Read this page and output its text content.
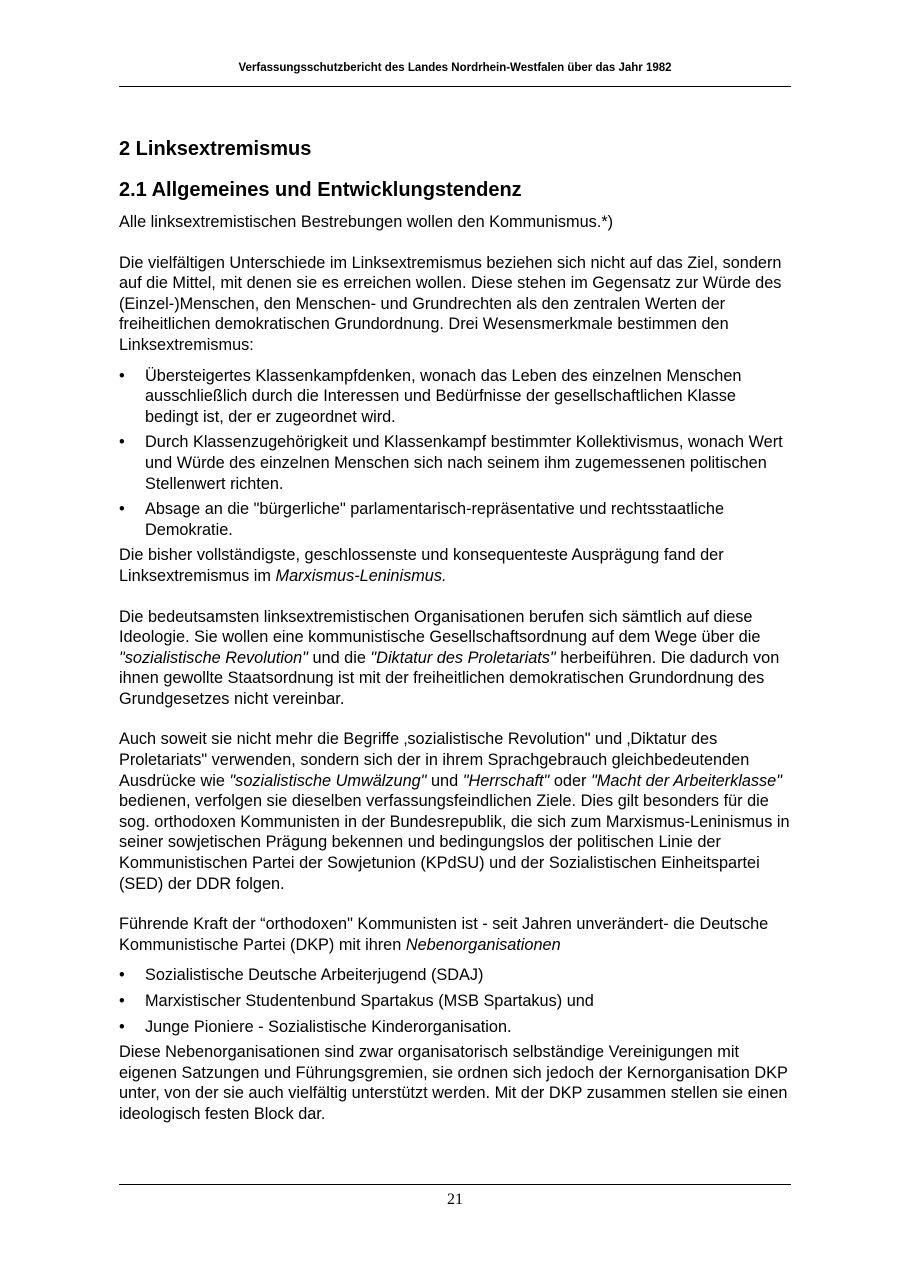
Verfassungsschutzbericht des Landes Nordrhein-Westfalen über das Jahr 1982
2 Linksextremismus
2.1 Allgemeines und Entwicklungstendenz

Alle linksextremistischen Bestrebungen wollen den Kommunismus.*)

Die vielfältigen Unterschiede im Linksextremismus beziehen sich nicht auf das Ziel, sondern auf die Mittel, mit denen sie es erreichen wollen. Diese stehen im Gegensatz zur Würde des (Einzel-)Menschen, den Menschen- und Grundrechten als den zentralen Werten der freiheitlichen demokratischen Grundordnung. Drei Wesensmerkmale bestimmen den Linksextremismus:

• Übersteigertes Klassenkampfdenken, wonach das Leben des einzelnen Menschen ausschließlich durch die Interessen und Bedürfnisse der gesellschaftlichen Klasse bedingt ist, der er zugeordnet wird.
• Durch Klassenzugehörigkeit und Klassenkampf bestimmter Kollektivismus, wonach Wert und Würde des einzelnen Menschen sich nach seinem ihm zugemessenen politischen Stellenwert richten.
• Absage an die "bürgerliche" parlamentarisch-repräsentative und rechtsstaatliche Demokratie.

Die bisher vollständigste, geschlossenste und konsequenteste Ausprägung fand der Linksextremismus im Marxismus-Leninismus.

Die bedeutsamsten linksextremistischen Organisationen berufen sich sämtlich auf diese Ideologie. Sie wollen eine kommunistische Gesellschaftsordnung auf dem Wege über die "sozialistische Revolution" und die "Diktatur des Proletariats" herbeiführen. Die dadurch von ihnen gewollte Staatsordnung ist mit der freiheitlichen demokratischen Grundordnung des Grundgesetzes nicht vereinbar.

Auch soweit sie nicht mehr die Begriffe ‚sozialistische Revolution" und ‚Diktatur des Proletariats" verwenden, sondern sich der in ihrem Sprachgebrauch gleichbedeutenden Ausdrücke wie "sozialistische Umwälzung" und "Herrschaft" oder "Macht der Arbeiterklasse" bedienen, verfolgen sie dieselben verfassungsfeindlichen Ziele. Dies gilt besonders für die sog. orthodoxen Kommunisten in der Bundesrepublik, die sich zum Marxismus-Leninismus in seiner sowjetischen Prägung bekennen und bedingungslos der politischen Linie der Kommunistischen Partei der Sowjetunion (KPdSU) und der Sozialistischen Einheitspartei (SED) der DDR folgen.

Führende Kraft der “orthodoxen" Kommunisten ist - seit Jahren unverändert- die Deutsche Kommunistische Partei (DKP) mit ihren Nebenorganisationen

• Sozialistische Deutsche Arbeiterjugend (SDAJ)
• Marxistischer Studentenbund Spartakus (MSB Spartakus) und
• Junge Pioniere - Sozialistische Kinderorganisation.

Diese Nebenorganisationen sind zwar organisatorisch selbständige Vereinigungen mit eigenen Satzungen und Führungsgremien, sie ordnen sich jedoch der Kernorganisation DKP unter, von der sie auch vielfältig unterstützt werden. Mit der DKP zusammen stellen sie einen ideologisch festen Block dar.

21
